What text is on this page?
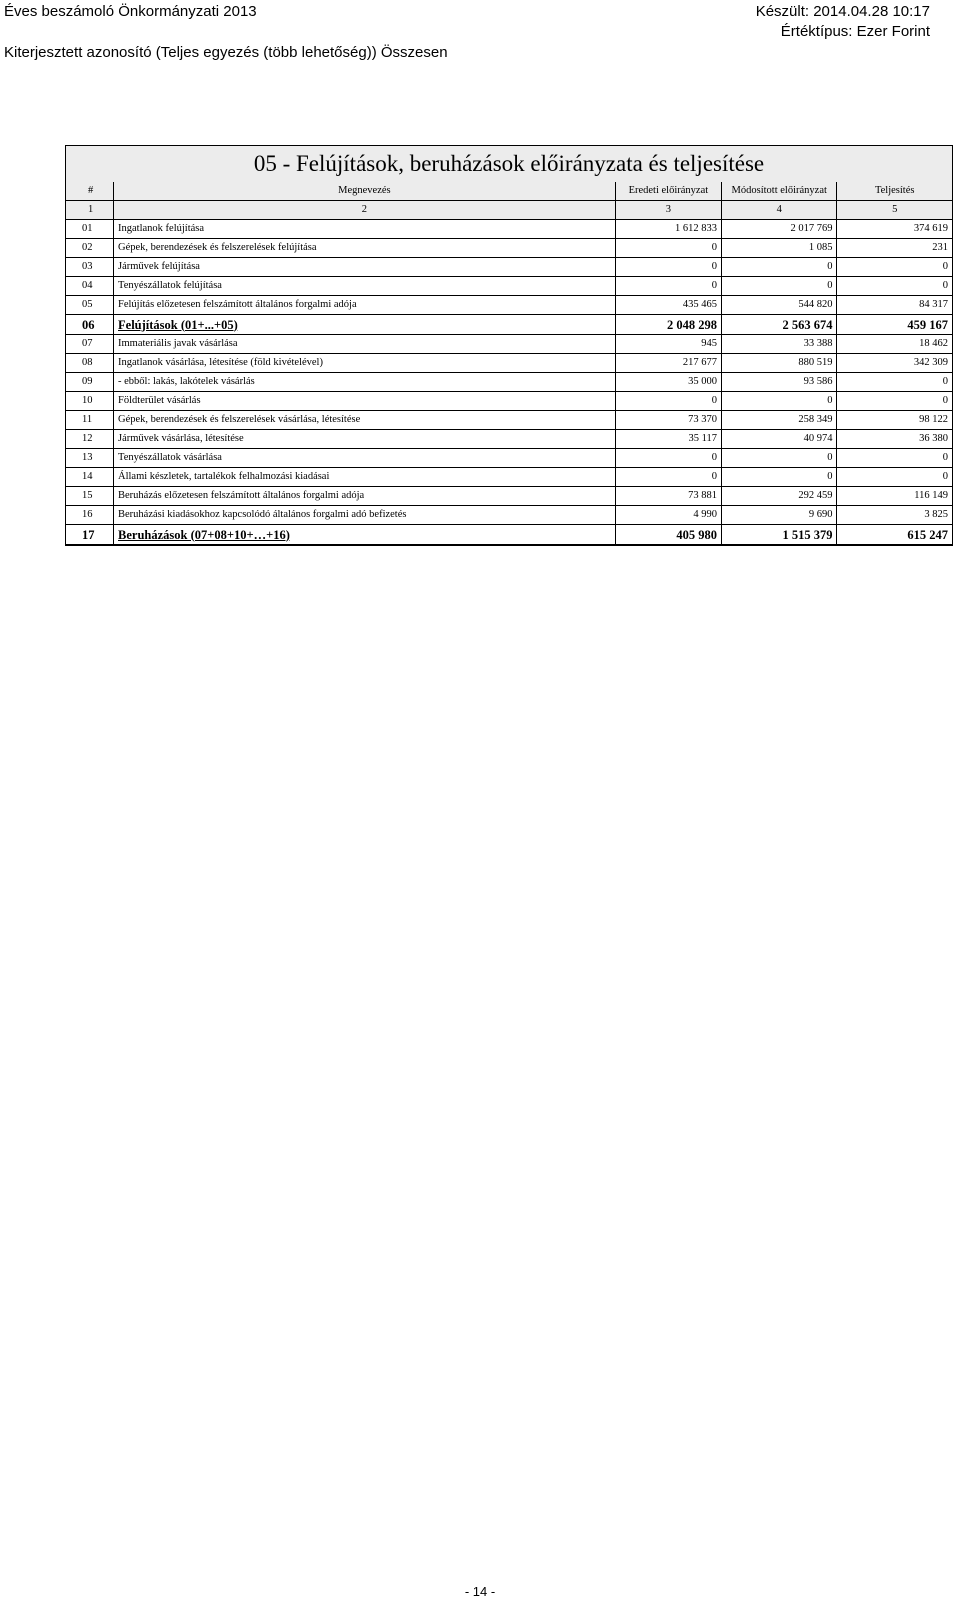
Éves beszámoló Önkormányzati 2013
Kiterjesztett azonosító (Teljes egyezés (több lehetőség)) Összesen
Készült: 2014.04.28 10:17
Értéktípus: Ezer Forint
05 - Felújítások, beruházások előirányzata és teljesítése				
#	Megnevezés	Eredeti előirányzat	Módosított előirányzat	Teljesítés
1	2	3	4	5
01	Ingatlanok felújítása	1 612 833	2 017 769	374 619
02	Gépek, berendezések és felszerelések felújítása	0	1 085	231
03	Járművek felújítása	0	0	0
04	Tenyészállatok felújítása	0	0	0
05	Felújítás előzetesen felszámított általános forgalmi adója	435 465	544 820	84 317
06	Felújítások (01+...+05)	2 048 298	2 563 674	459 167
07	Immateriális javak vásárlása	945	33 388	18 462
08	Ingatlanok vásárlása, létesítése (föld kivételével)	217 677	880 519	342 309
09	- ebből: lakás, lakótelek vásárlás	35 000	93 586	0
10	Földterület vásárlás	0	0	0
11	Gépek, berendezések és felszerelések vásárlása, létesítése	73 370	258 349	98 122
12	Járművek vásárlása, létesítése	35 117	40 974	36 380
13	Tenyészállatok vásárlása	0	0	0
14	Állami készletek, tartalékok felhalmozási kiadásai	0	0	0
15	Beruházás előzetesen felszámított általános forgalmi adója	73 881	292 459	116 149
16	Beruházási kiadásokhoz kapcsolódó általános forgalmi adó befizetés	4 990	9 690	3 825
17	Beruházások (07+08+10+…+16)	405 980	1 515 379	615 247
- 14 -
